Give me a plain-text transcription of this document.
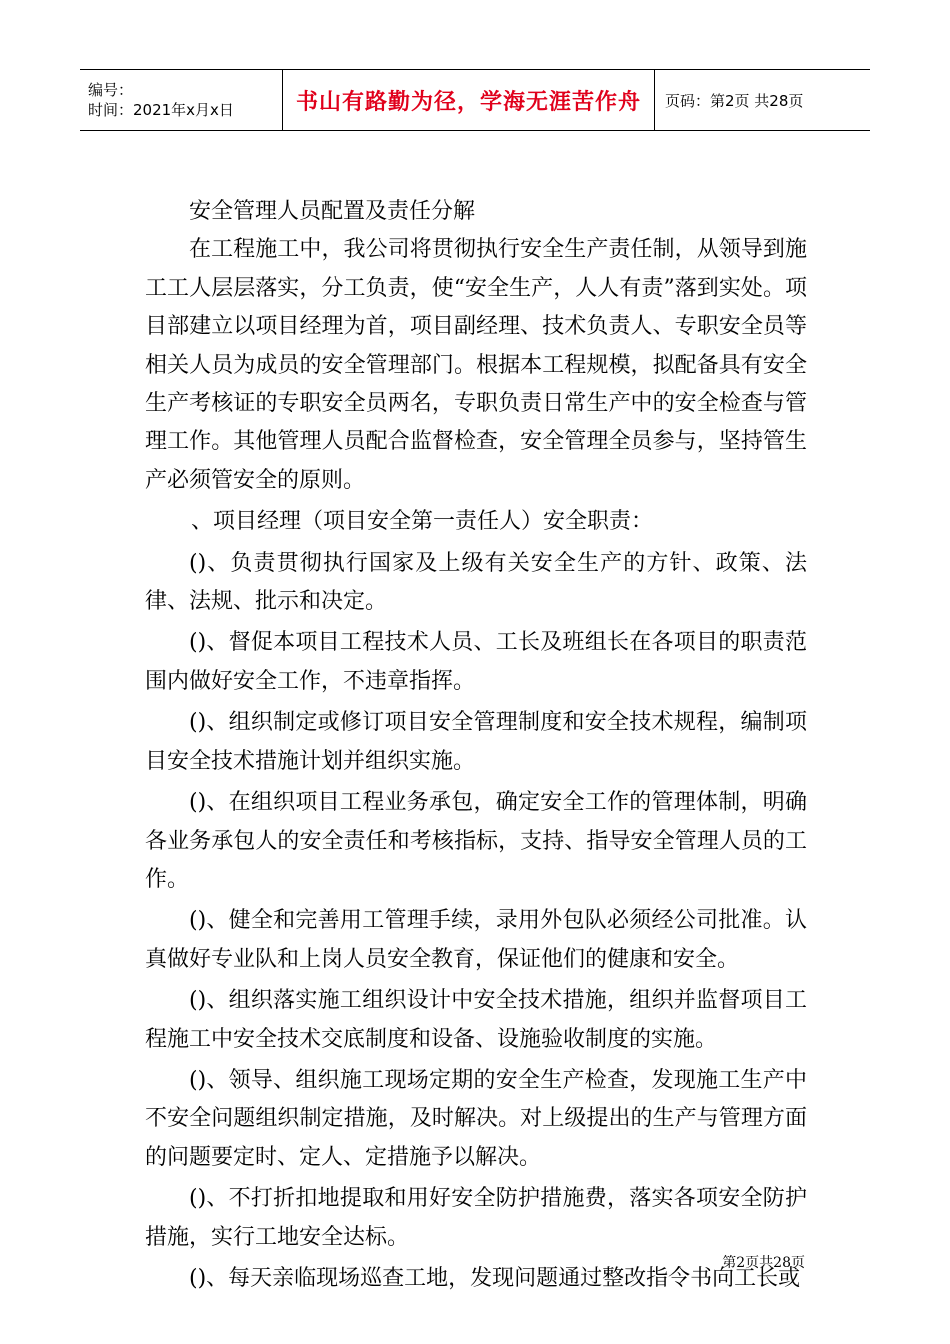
编号：
时间：2021年x月x日	书山有路勤为径，学海无涯苦作舟 页码：第2页 共28页

安全管理人员配置及责任分解

在工程施工中，我公司将贯彻执行安全生产责任制，从领导到施工工人层层落实，分工负责，使“安全生产，人人有责”落到实处。项目部建立以项目经理为首，项目副经理、技术负责人、专职安全员等相关人员为成员的安全管理部门。根据本工程规模，拟配备具有安全生产考核证的专职安全员两名，专职负责日常生产中的安全检查与管理工作。其他管理人员配合监督检查，安全管理全员参与，坚持管生产必须管安全的原则。

、项目经理（项目安全第一责任人）安全职责：

()、负责贯彻执行国家及上级有关安全生产的方针、政策、法律、法规、批示和决定。

()、督促本项目工程技术人员、工长及班组长在各项目的职责范围内做好安全工作，不违章指挥。

()、组织制定或修订项目安全管理制度和安全技术规程，编制项目安全技术措施计划并组织实施。

()、在组织项目工程业务承包，确定安全工作的管理体制，明确各业务承包人的安全责任和考核指标，支持、指导安全管理人员的工作。

()、健全和完善用工管理手续，录用外包队必须经公司批准。认真做好专业队和上岗人员安全教育，保证他们的健康和安全。

()、组织落实施工组织设计中安全技术措施，组织并监督项目工程施工中安全技术交底制度和设备、设施验收制度的实施。

()、领导、组织施工现场定期的安全生产检查，发现施工生产中不安全问题组织制定措施，及时解决。对上级提出的生产与管理方面的问题要定时、定人、定措施予以解决。

()、不打折扣地提取和用好安全防护措施费，落实各项安全防护措施，实行工地安全达标。

()、每天亲临现场巡查工地，发现问题通过整改指令书向工长或

第2页共28页
